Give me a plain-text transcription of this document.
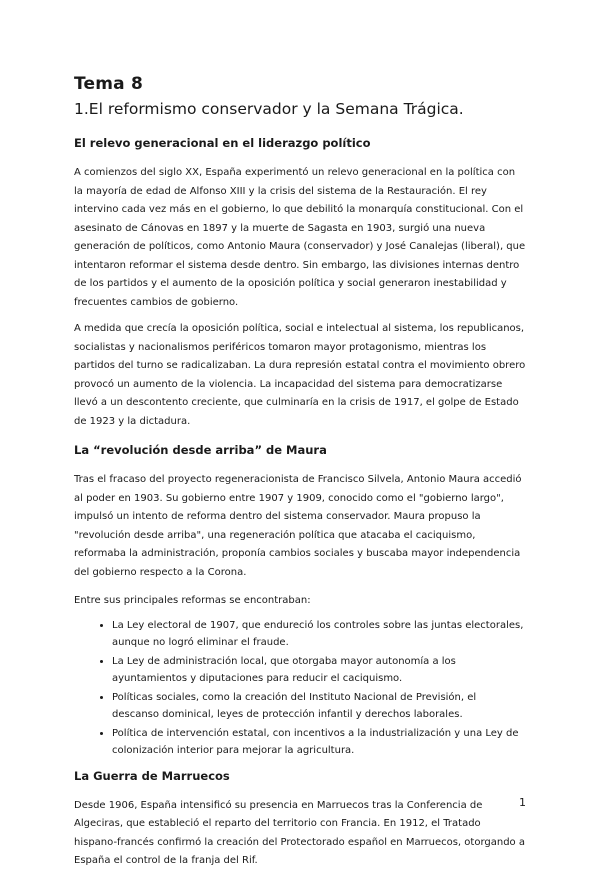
Tema 8
1.El reformismo conservador y la Semana Trágica.
El relevo generacional en el liderazgo político

A comienzos del siglo XX, España experimentó un relevo generacional en la política con la mayoría de edad de Alfonso XIII y la crisis del sistema de la Restauración. El rey intervino cada vez más en el gobierno, lo que debilitó la monarquía constitucional. Con el asesinato de Cánovas en 1897 y la muerte de Sagasta en 1903, surgió una nueva generación de políticos, como Antonio Maura (conservador) y José Canalejas (liberal), que intentaron reformar el sistema desde dentro. Sin embargo, las divisiones internas dentro de los partidos y el aumento de la oposición política y social generaron inestabilidad y frecuentes cambios de gobierno.

A medida que crecía la oposición política, social e intelectual al sistema, los republicanos, socialistas y nacionalismos periféricos tomaron mayor protagonismo, mientras los partidos del turno se radicalizaban. La dura represión estatal contra el movimiento obrero provocó un aumento de la violencia. La incapacidad del sistema para democratizarse llevó a un descontento creciente, que culminaría en la crisis de 1917, el golpe de Estado de 1923 y la dictadura.

La “revolución desde arriba” de Maura

Tras el fracaso del proyecto regeneracionista de Francisco Silvela, Antonio Maura accedió al poder en 1903. Su gobierno entre 1907 y 1909, conocido como el "gobierno largo", impulsó un intento de reforma dentro del sistema conservador. Maura propuso la "revolución desde arriba", una regeneración política que atacaba el caciquismo, reformaba la administración, proponía cambios sociales y buscaba mayor independencia del gobierno respecto a la Corona.

Entre sus principales reformas se encontraban:

• La Ley electoral de 1907, que endureció los controles sobre las juntas electorales, aunque no logró eliminar el fraude.
• La Ley de administración local, que otorgaba mayor autonomía a los ayuntamientos y diputaciones para reducir el caciquismo.
• Políticas sociales, como la creación del Instituto Nacional de Previsión, el descanso dominical, leyes de protección infantil y derechos laborales.
• Política de intervención estatal, con incentivos a la industrialización y una Ley de colonización interior para mejorar la agricultura.
La Guerra de Marruecos

Desde 1906, España intensificó su presencia en Marruecos tras la Conferencia de Algeciras, que estableció el reparto del territorio con Francia. En 1912, el Tratado hispano-francés confirmó la creación del Protectorado español en Marruecos, otorgando a España el control de la franja del Rif.

1
